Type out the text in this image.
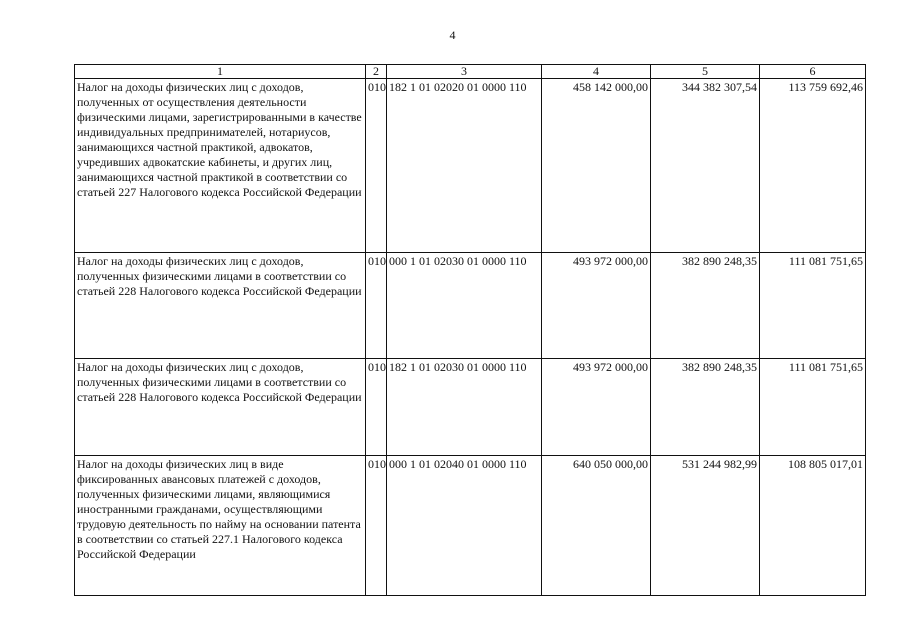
4
1	2	3	4	5	6
Налог на доходы физических лиц с доходов, полученных от осуществления деятельности физическими лицами, зарегистрированными в качестве индивидуальных предпринимателей, нотариусов, занимающихся частной практикой, адвокатов, учредивших адвокатские кабинеты, и других лиц, занимающихся частной практикой в соответствии со статьей 227 Налогового кодекса Российской Федерации	010	182 1 01 02020 01 0000 110	458 142 000,00	344 382 307,54	113 759 692,46
Налог на доходы физических лиц с доходов, полученных физическими лицами в соответствии со статьей 228 Налогового кодекса Российской Федерации	010	000 1 01 02030 01 0000 110	493 972 000,00	382 890 248,35	111 081 751,65
Налог на доходы физических лиц с доходов, полученных физическими лицами в соответствии со статьей 228 Налогового кодекса Российской Федерации	010	182 1 01 02030 01 0000 110	493 972 000,00	382 890 248,35	111 081 751,65
Налог на доходы физических лиц в виде фиксированных авансовых платежей с доходов, полученных физическими лицами, являющимися иностранными гражданами, осуществляющими трудовую деятельность по найму на основании патента в соответствии со статьей 227.1 Налогового кодекса Российской Федерации	010	000 1 01 02040 01 0000 110	640 050 000,00	531 244 982,99	108 805 017,01
